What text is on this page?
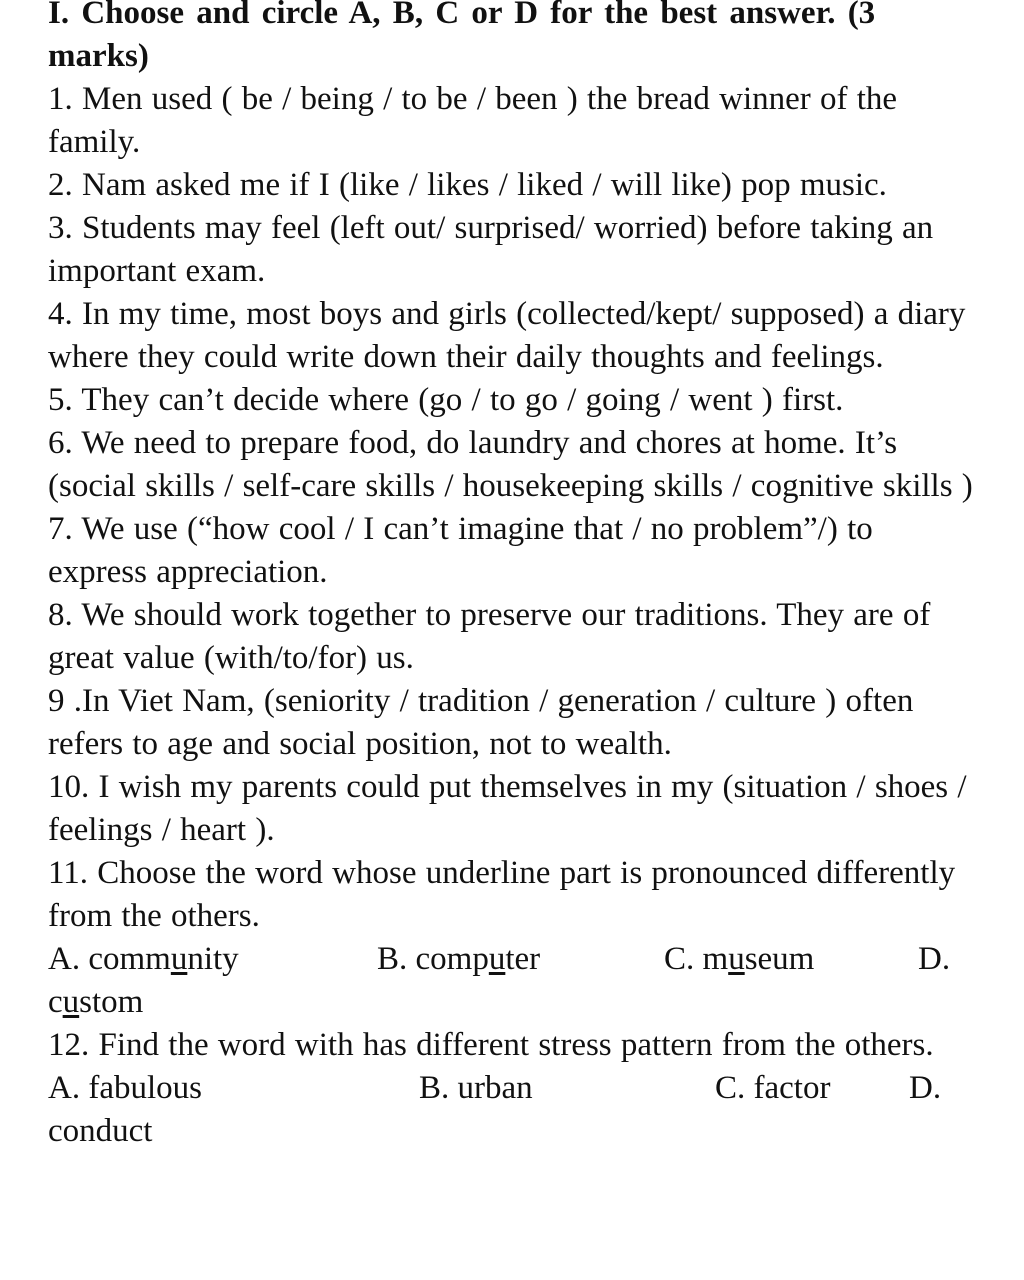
I. Choose and circle A, B, C or D for the best answer. (3 marks)
1. Men used ( be / being / to be / been ) the bread winner of the family.
2. Nam asked me if I (like / likes / liked / will like) pop music.
3. Students may feel (left out/ surprised/ worried) before taking an important exam.
4. In my time, most boys and girls (collected/kept/ supposed) a diary where they could write down their daily thoughts and feelings.
5. They can’t decide where (go / to go / going / went ) first.
6. We need to prepare food, do laundry and chores at home. It’s (social skills / self-care skills / housekeeping skills / cognitive skills )
7. We use (“how cool / I can’t imagine that / no problem”/) to express appreciation.
8. We should work together to preserve our traditions. They are of great value (with/to/for) us.
9 .In Viet Nam, (seniority / tradition / generation / culture ) often refers to age and social position, not to wealth.
10. I wish my parents could put themselves in my (situation / shoes / feelings / heart ).
11. Choose the word whose underline part is pronounced differently from the others.
A. community	B. computer	C. museum	D.
custom
12. Find the word with has different stress pattern from the others.
A. fabulous	B. urban	C. factor	D.
conduct
